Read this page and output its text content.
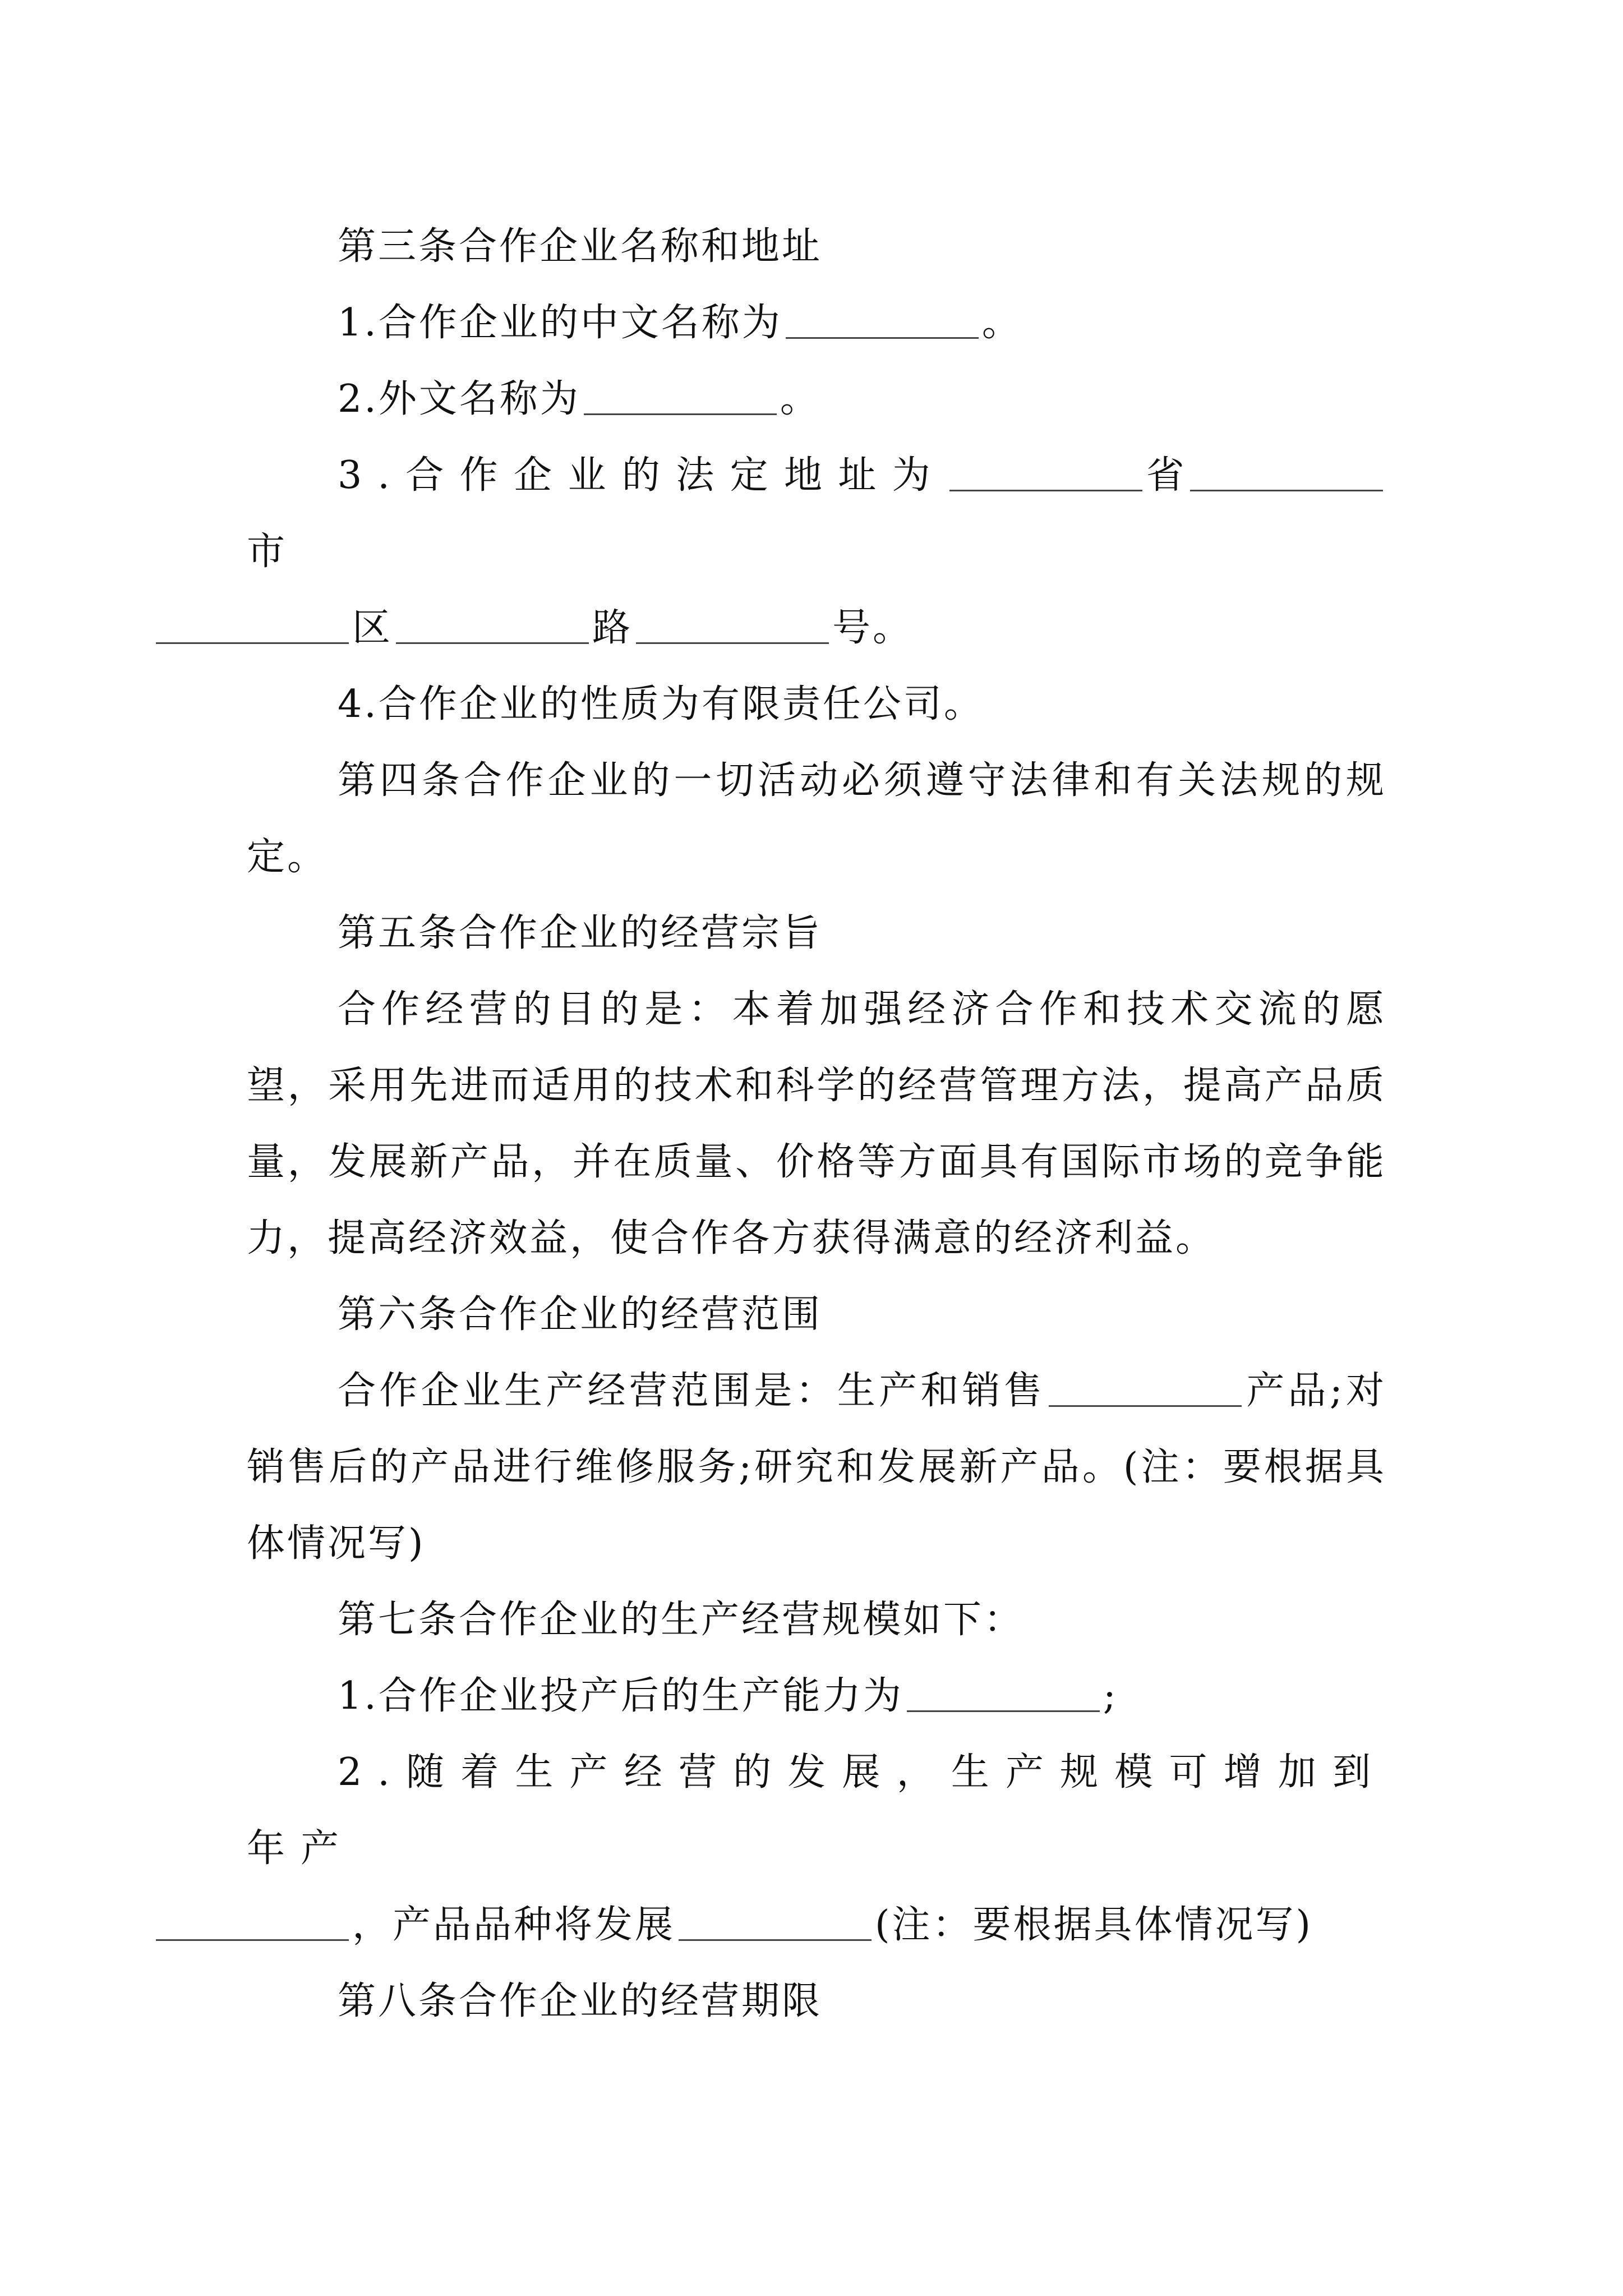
第三条合作企业名称和地址

1.合作企业的中文名称为	。

2.外文名称为	。

3.合作企业的法定地址为	省市
区	路	号。

4.合作企业的性质为有限责任公司。

第四条合作企业的一切活动必须遵守法律和有关法规的规定。

第五条合作企业的经营宗旨

合作经营的目的是：本着加强经济合作和技术交流的愿望，采用先进而适用的技术和科学的经营管理方法，提高产品质量，发展新产品，并在质量、价格等方面具有国际市场的竞争能力，提高经济效益，使合作各方获得满意的经济利益。

第六条合作企业的经营范围

合作企业生产经营范围是：生产和销售	产品;对销售后的产品进行维修服务;研究和发展新产品。(注：要根据具体情况写)

第七条合作企业的生产经营规模如下：

1.合作企业投产后的生产能力为	;

2.随着生产经营的发展，生产规模可增加到年产
，产品品种将发展	(注：要根据具体情况写)

第八条合作企业的经营期限
